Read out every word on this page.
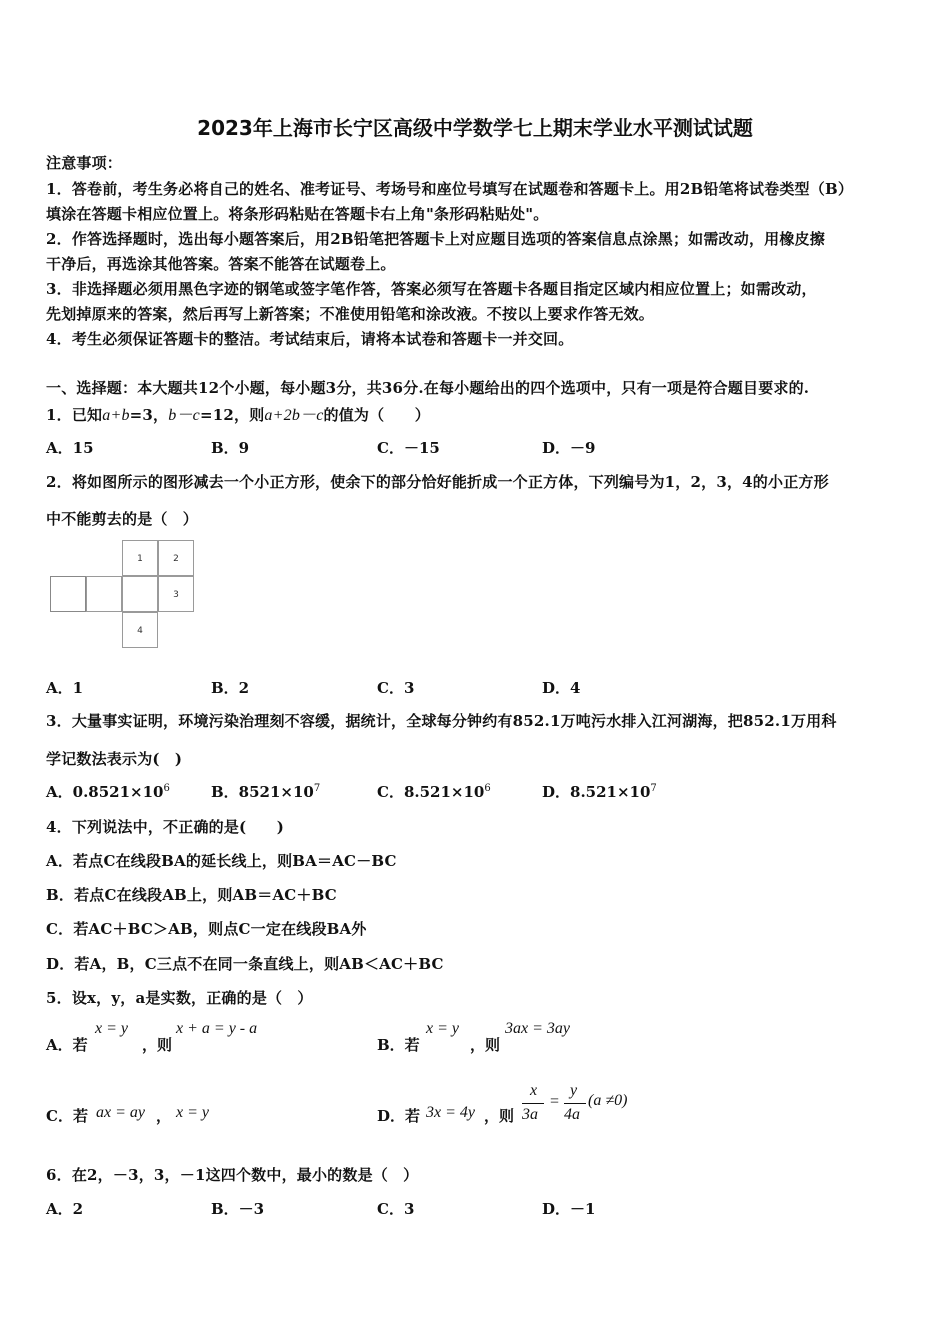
2023年上海市长宁区高级中学数学七上期末学业水平测试试题
注意事项：
1．答卷前，考生务必将自己的姓名、准考证号、考场号和座位号填写在试题卷和答题卡上。用2B铅笔将试卷类型（B）
填涂在答题卡相应位置上。将条形码粘贴在答题卡右上角"条形码粘贴处"。
2．作答选择题时，选出每小题答案后，用2B铅笔把答题卡上对应题目选项的答案信息点涂黑；如需改动，用橡皮擦
干净后，再选涂其他答案。答案不能答在试题卷上。
3．非选择题必须用黑色字迹的钢笔或签字笔作答，答案必须写在答题卡各题目指定区域内相应位置上；如需改动，
先划掉原来的答案，然后再写上新答案；不准使用铅笔和涂改液。不按以上要求作答无效。
4．考生必须保证答题卡的整洁。考试结束后，请将本试卷和答题卡一并交回。
一、选择题：本大题共12个小题，每小题3分，共36分.在每小题给出的四个选项中，只有一项是符合题目要求的.
1．已知a+b=3，b－c=12，则a+2b－c的值为（　　）
A．15	B．9	C．－15	D．－9
2．将如图所示的图形减去一个小正方形，使余下的部分恰好能折成一个正方体，下列编号为1，2，3，4的小正方形
中不能剪去的是（　）
1	2
3
4
A．1	B．2	C．3	D．4
3．大量事实证明，环境污染治理刻不容缓，据统计，全球每分钟约有852.1万吨污水排入江河湖海，把852.1万用科
学记数法表示为(　)
A．$0.8521\times 10^6$	B．$8521\times 10^7$	C．$8.521\times 10^6$	D．$8.521\times 10^7$
4．下列说法中，不正确的是(　　)
A．若点C在线段BA的延长线上，则BA＝AC－BC
B．若点C在线段AB上，则AB＝AC＋BC
C．若AC＋BC＞AB，则点C一定在线段BA外
D．若A，B，C三点不在同一条直线上，则AB＜AC＋BC
5．设x，y，a是实数，正确的是（　）
A．若
x = y
，则
x + a = y - a
B．若
x = y
，则
3ax = 3ay
C．若 ax = ay ， x = y	D．若 3x = 4y ，则
x
3a
=
y
4a
(a ≠0)
6．在2，－3，3，－1这四个数中，最小的数是（　）
A．2	B．－3	C．3	D．－1
